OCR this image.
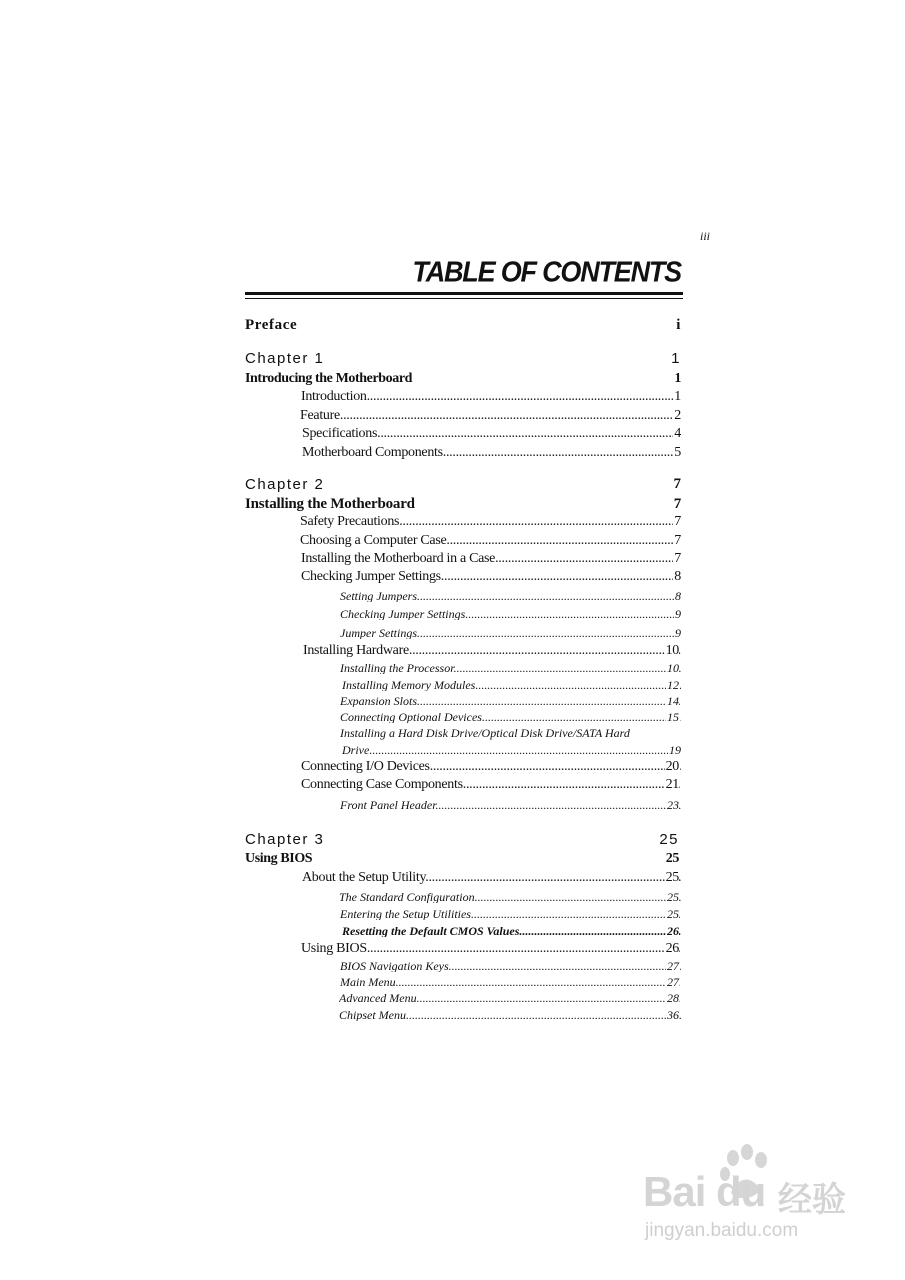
iii
TABLE OF CONTENTS
Preface	i
Chapter 1	1
Introducing the Motherboard	1
Introduction .....	1
Feature .....	2
Specifications .....	4
Motherboard Components .....	5
Chapter 2	7
Installing the Motherboard	7
Safety Precautions .....	7
Choosing a Computer Case .....	7
Installing the Motherboard in a Case .....	7
Checking Jumper Settings .....	8
Setting Jumpers .....	8
Checking Jumper Settings .....	9
Jumper Settings .....	9
Installing Hardware .....	10
Installing the Processor .....	10
Installing Memory Modules .....	12
Expansion Slots .....	14
Connecting Optional Devices .....	15
Installing a Hard Disk Drive/Optical Disk Drive/SATA Hard
Drive .....	19
Connecting I/O Devices .....	20
Connecting Case Components .....	21
Front Panel Header .....	23
Chapter 3	25
Using BIOS	25
About the Setup Utility .....	25
The Standard Configuration .....	25
Entering the Setup Utilities .....	25
Resetting the Default CMOS Values .....	26
Using BIOS .....	26
BIOS Navigation Keys .....	27
Main Menu .....	27
Advanced Menu .....	28
Chipset Menu .....	36
Bai du 经验
jingyan.baidu.com
